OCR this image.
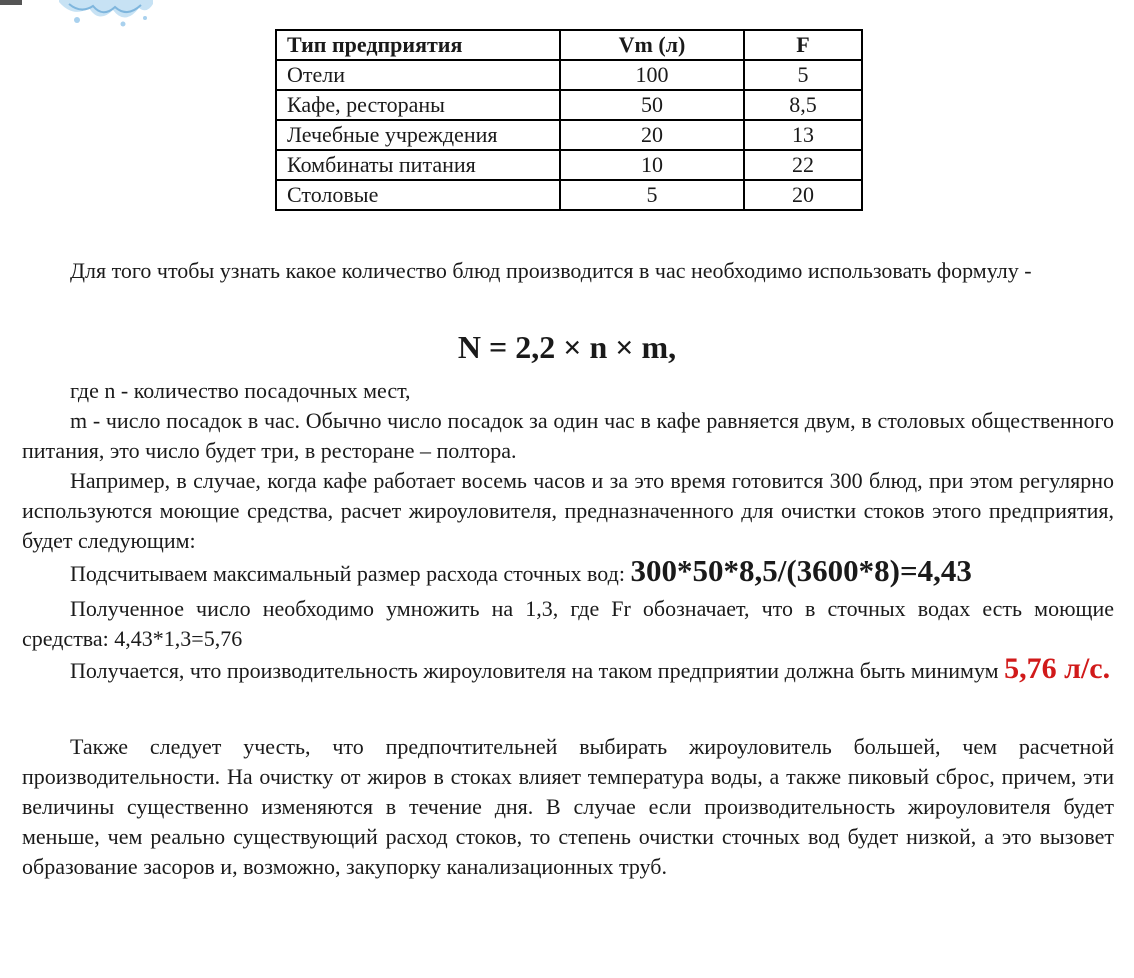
Тип предприятия	Vm (л)	F
Отели	100	5
Кафе, рестораны	50	8,5
Лечебные учреждения	20	13
Комбинаты питания	10	22
Столовые	5	20

Для того чтобы узнать какое количество блюд производится в час необходимо использовать формулу -

N = 2,2 × n × m,

где n - количество посадочных мест,

m - число посадок в час. Обычно число посадок за один час в кафе равняется двум, в столовых общественного питания, это число будет три, в ресторане – полтора.

Например, в случае, когда кафе работает восемь часов и за это время готовится 300 блюд, при этом регулярно используются моющие средства, расчет жироуловителя, предназначенного для очистки стоков этого предприятия, будет следующим:

Подсчитываем максимальный размер расхода сточных вод: 300*50*8,5/(3600*8)=4,43

Полученное число необходимо умножить на 1,3, где Fr обозначает, что в сточных водах есть моющие средства: 4,43*1,3=5,76

Получается, что производительность жироуловителя на таком предприятии должна быть минимум 5,76 л/с.

Также следует учесть, что предпочтительней выбирать жироуловитель большей, чем расчетной производительности. На очистку от жиров в стоках влияет температура воды, а также пиковый сброс, причем, эти величины существенно изменяются в течение дня. В случае если производительность жироуловителя будет меньше, чем реально существующий расход стоков, то степень очистки сточных вод будет низкой, а это вызовет образование засоров и, возможно, закупорку канализационных труб.
